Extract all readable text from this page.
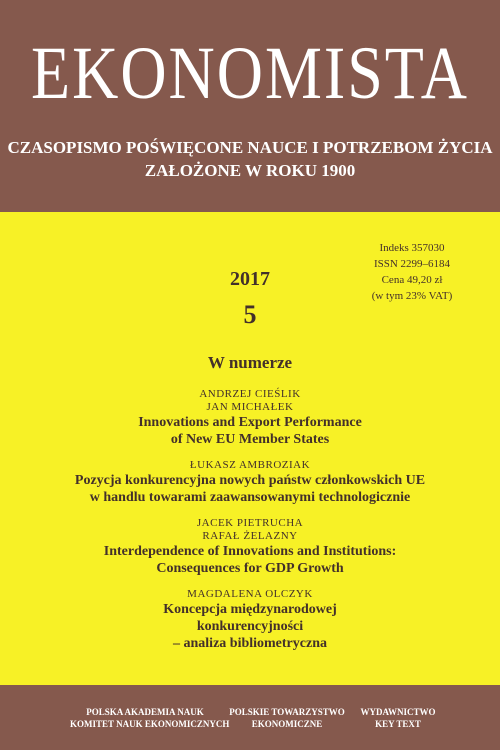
EKONOMISTA
CZASOPISMO POŚWIĘCONE NAUCE I POTRZEBOM ŻYCIA
ZAŁOŻONE W ROKU 1900
Indeks 357030
ISSN 2299–6184
Cena 49,20 zł
(w tym 23% VAT)
2017
5
W numerze
ANDRZEJ CIEŚLIK
JAN MICHAŁEK
Innovations and Export Performance
of New EU Member States
ŁUKASZ AMBROZIAK
Pozycja konkurencyjna nowych państw członkowskich UE
w handlu towarami zaawansowanymi technologicznie
JACEK PIETRUCHA
RAFAŁ ŻELAZNY
Interdependence of Innovations and Institutions:
Consequences for GDP Growth
MAGDALENA OLCZYK
Koncepcja międzynarodowej
konkurencyjności
– analiza bibliometryczna
POLSKA AKADEMIA NAUK
KOMITET NAUK EKONOMICZNYCH
POLSKIE TOWARZYSTWO
EKONOMICZNE
WYDAWNICTWO
KEY TEXT
